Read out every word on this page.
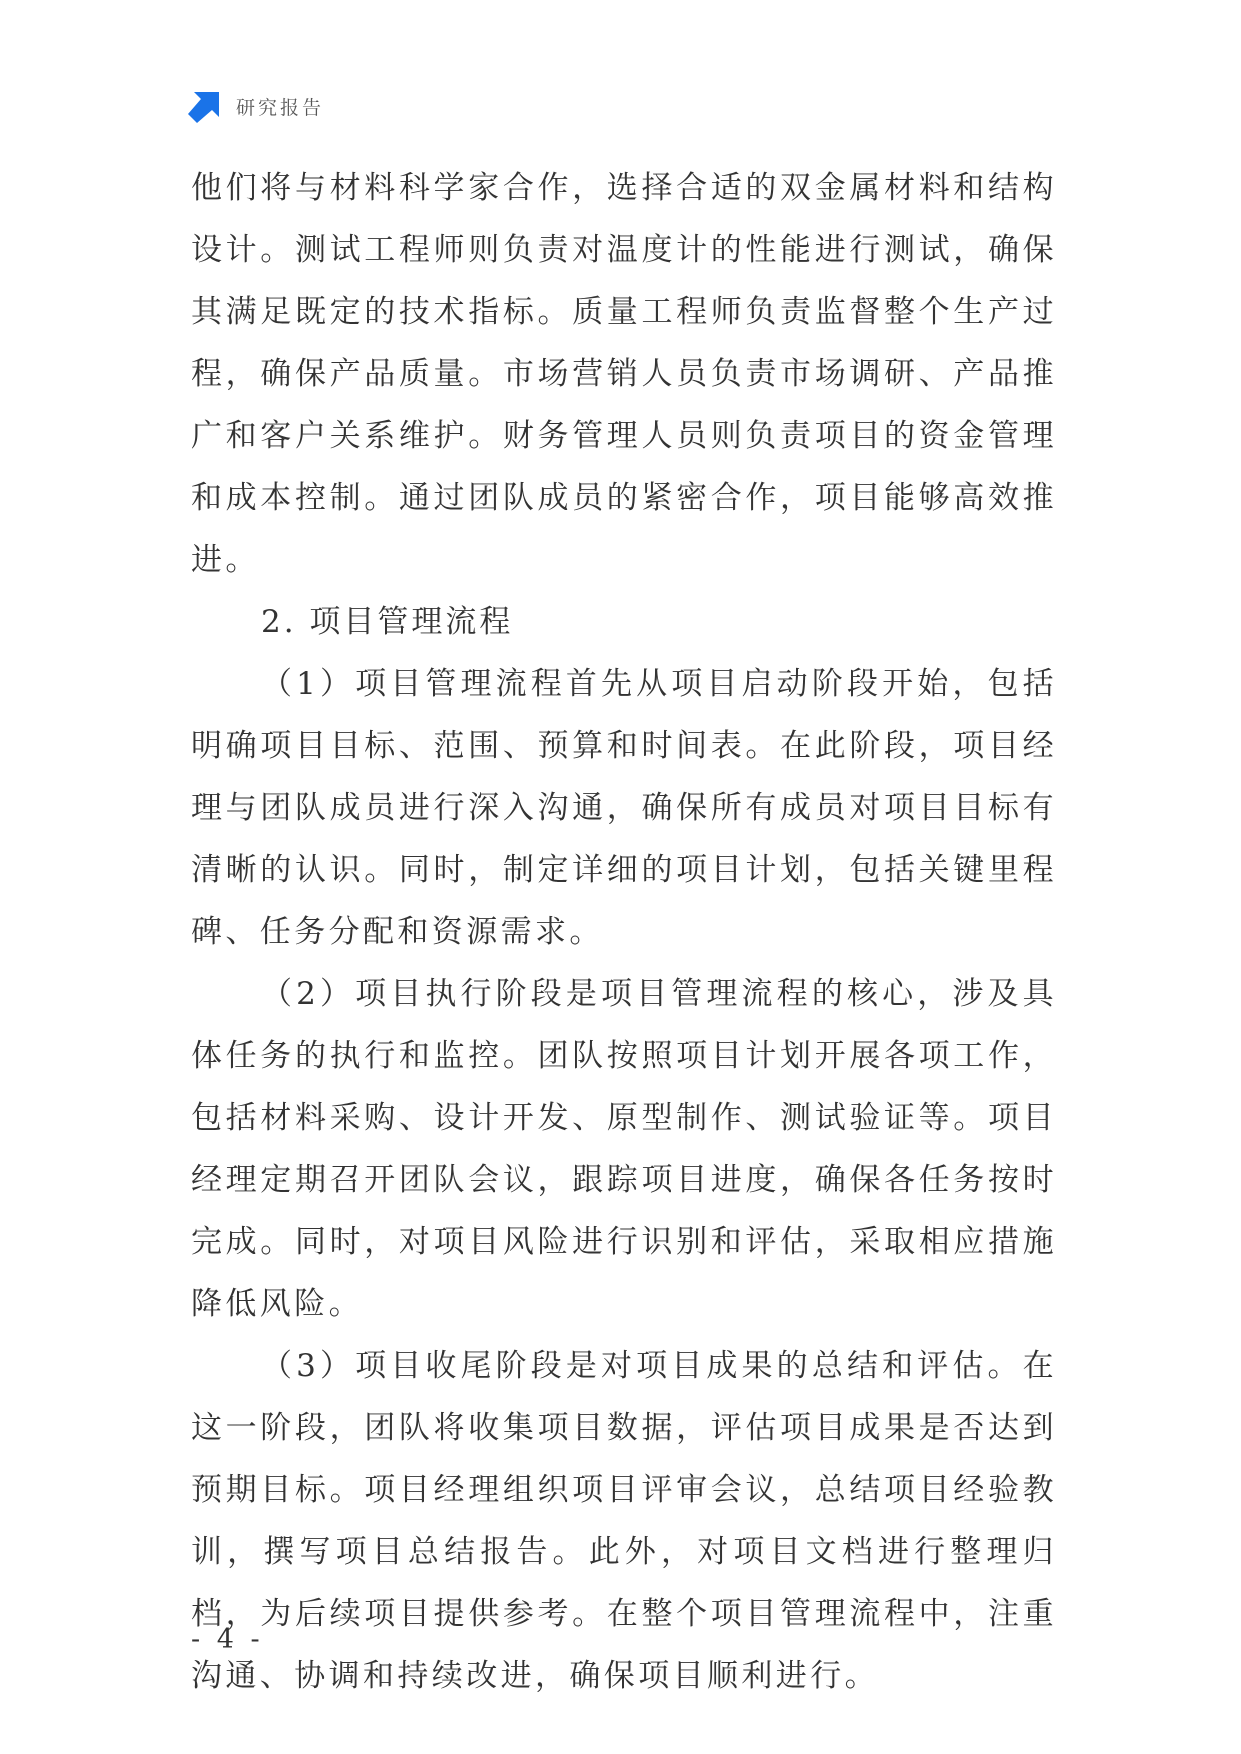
研究报告

他们将与材料科学家合作，选择合适的双金属材料和结构设计。测试工程师则负责对温度计的性能进行测试，确保其满足既定的技术指标。质量工程师负责监督整个生产过程，确保产品质量。市场营销人员负责市场调研、产品推广和客户关系维护。财务管理人员则负责项目的资金管理和成本控制。通过团队成员的紧密合作，项目能够高效推进。

2. 项目管理流程

（1）项目管理流程首先从项目启动阶段开始，包括明确项目目标、范围、预算和时间表。在此阶段，项目经理与团队成员进行深入沟通，确保所有成员对项目目标有清晰的认识。同时，制定详细的项目计划，包括关键里程碑、任务分配和资源需求。

（2）项目执行阶段是项目管理流程的核心，涉及具体任务的执行和监控。团队按照项目计划开展各项工作，包括材料采购、设计开发、原型制作、测试验证等。项目经理定期召开团队会议，跟踪项目进度，确保各任务按时完成。同时，对项目风险进行识别和评估，采取相应措施降低风险。

（3）项目收尾阶段是对项目成果的总结和评估。在这一阶段，团队将收集项目数据，评估项目成果是否达到预期目标。项目经理组织项目评审会议，总结项目经验教训，撰写项目总结报告。此外，对项目文档进行整理归档，为后续项目提供参考。在整个项目管理流程中，注重沟通、协调和持续改进，确保项目顺利进行。

- 4 -
